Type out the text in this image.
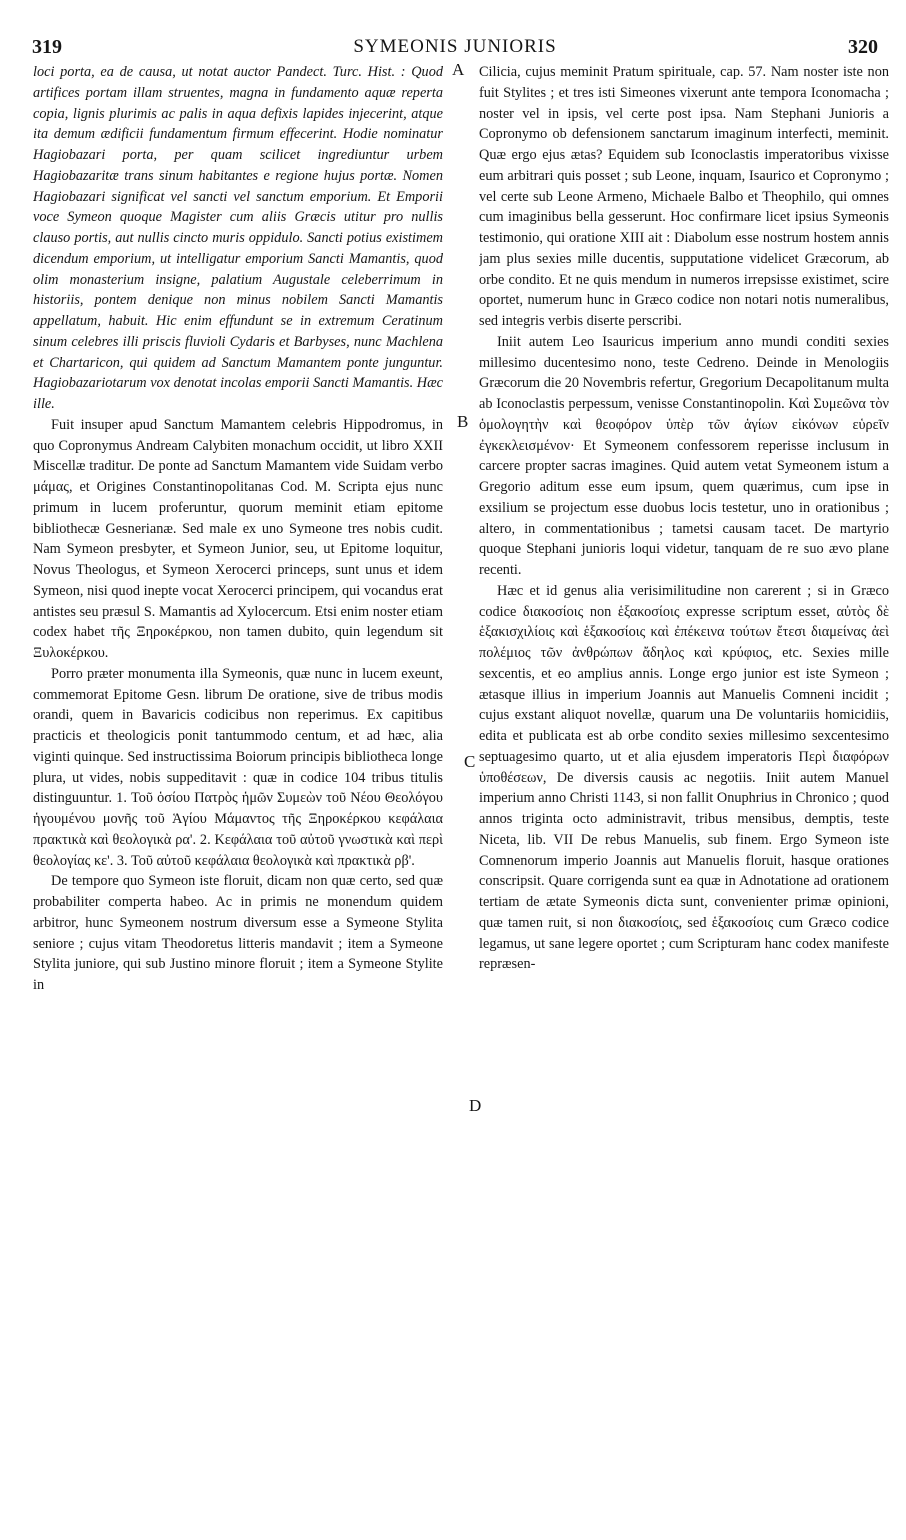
319	SYMEONIS JUNIORIS	320
A
B
C
D

loci porta, ea de causa, ut notat auctor Pandect. Turc. Hist. : Quod artifices portam illam struentes, magna in fundamento aquæ reperta copia, lignis plurimis ac palis in aqua defixis lapides injecerint, atque ita demum ædificii fundamentum firmum effecerint. Hodie nominatur Hagiobazari porta, per quam scilicet ingrediuntur urbem Hagiobazaritæ trans sinum habitantes e regione hujus portæ. Nomen Hagiobazari significat vel sancti vel sanctum emporium. Et Emporii voce Symeon quoque Magister cum aliis Græcis utitur pro nullis clauso portis, aut nullis cincto muris oppidulo. Sancti potius existimem dicendum emporium, ut intelligatur emporium Sancti Mamantis, quod olim monasterium insigne, palatium Augustale celeberrimum in historiis, pontem denique non minus nobilem Sancti Mamantis appellatum, habuit. Hic enim effundunt se in extremum Ceratinum sinum celebres illi priscis fluvioli Cydaris et Barbyses, nunc Machlena et Chartaricon, qui quidem ad Sanctum Mamantem ponte junguntur. Hagiobazariotarum vox denotat incolas emporii Sancti Mamantis. Hæc ille.

Fuit insuper apud Sanctum Mamantem celebris Hippodromus, in quo Copronymus Andream Calybiten monachum occidit, ut libro XXII Miscellæ traditur. De ponte ad Sanctum Mamantem vide Suidam verbo μάμας, et Origines Constantinopolitanas Cod. M. Scripta ejus nunc primum in lucem proferuntur, quorum meminit etiam epitome bibliothecæ Gesnerianæ. Sed male ex uno Symeone tres nobis cudit. Nam Symeon presbyter, et Symeon Junior, seu, ut Epitome loquitur, Novus Theologus, et Symeon Xerocerci princeps, sunt unus et idem Symeon, nisi quod inepte vocat Xerocerci principem, qui vocandus erat antistes seu præsul S. Mamantis ad Xylocercum. Etsi enim noster etiam codex habet τῆς Ξηροκέρκου, non tamen dubito, quin legendum sit Ξυλοκέρκου.

Porro præter monumenta illa Symeonis, quæ nunc in lucem exeunt, commemorat Epitome Gesn. librum De oratione, sive de tribus modis orandi, quem in Bavaricis codicibus non reperimus. Ex capitibus practicis et theologicis ponit tantummodo centum, et ad hæc, alia viginti quinque. Sed instructissima Boiorum principis bibliotheca longe plura, ut vides, nobis suppeditavit : quæ in codice 104 tribus titulis distinguuntur. 1. Τοῦ ὁσίου Πατρὸς ἡμῶν Συμεὼν τοῦ Νέου Θεολόγου ἡγουμένου μονῆς τοῦ Ἁγίου Μάμαντος τῆς Ξηροκέρκου κεφάλαια πρακτικὰ καὶ θεολογικὰ ρα'. 2. Κεφάλαια τοῦ αὐτοῦ γνωστικὰ καὶ περὶ θεολογίας κε'. 3. Τοῦ αὐτοῦ κεφάλαια θεολογικὰ καὶ πρακτικὰ ρβ'.

De tempore quo Symeon iste floruit, dicam non quæ certo, sed quæ probabiliter comperta habeo. Ac in primis ne monendum quidem arbitror, hunc Symeonem nostrum diversum esse a Symeone Stylita seniore ; cujus vitam Theodoretus litteris mandavit ; item a Symeone Stylita juniore, qui sub Justino minore floruit ; item a Symeone Stylite in

Cilicia, cujus meminit Pratum spirituale, cap. 57. Nam noster iste non fuit Stylites ; et tres isti Simeones vixerunt ante tempora Iconomacha ; noster vel in ipsis, vel certe post ipsa. Nam Stephani Junioris a Copronymo ob defensionem sanctarum imaginum interfecti, meminit. Quæ ergo ejus ætas? Equidem sub Iconoclastis imperatoribus vixisse eum arbitrari quis posset ; sub Leone, inquam, Isaurico et Copronymo ; vel certe sub Leone Armeno, Michaele Balbo et Theophilo, qui omnes cum imaginibus bella gesserunt. Hoc confirmare licet ipsius Symeonis testimonio, qui oratione XIII ait : Diabolum esse nostrum hostem annis jam plus sexies mille ducentis, supputatione videlicet Græcorum, ab orbe condito. Et ne quis mendum in numeros irrepsisse existimet, scire oportet, numerum hunc in Græco codice non notari notis numeralibus, sed integris verbis diserte perscribi.

Iniit autem Leo Isauricus imperium anno mundi conditi sexies millesimo ducentesimo nono, teste Cedreno. Deinde in Menologiis Græcorum die 20 Novembris refertur, Gregorium Decapolitanum multa ab Iconoclastis perpessum, venisse Constantinopolin. Καὶ Συμεῶνα τὸν ὁμολογητὴν καὶ θεοφόρον ὑπὲρ τῶν ἁγίων εἰκόνων εὑρεῖν ἐγκεκλεισμένον· Et Symeonem confessorem reperisse inclusum in carcere propter sacras imagines. Quid autem vetat Symeonem istum a Gregorio aditum esse eum ipsum, quem quærimus, cum ipse in exsilium se projectum esse duobus locis testetur, uno in orationibus ; altero, in commentationibus ; tametsi causam tacet. De martyrio quoque Stephani junioris loqui videtur, tanquam de re suo ævo plane recenti.

Hæc et id genus alia verisimilitudine non carerent ; si in Græco codice διακοσίοις non ἑξακοσίοις expresse scriptum esset, αὐτὸς δὲ ἑξακισχιλίοις καὶ ἑξακοσίοις καὶ ἐπέκεινα τούτων ἔτεσι διαμείνας ἀεὶ πολέμιος τῶν ἀνθρώπων ἄδηλος καὶ κρύφιος, etc. Sexies mille sexcentis, et eo amplius annis. Longe ergo junior est iste Symeon ; ætasque illius in imperium Joannis aut Manuelis Comneni incidit ; cujus exstant aliquot novellæ, quarum una De voluntariis homicidiis, edita et publicata est ab orbe condito sexies millesimo sexcentesimo septuagesimo quarto, ut et alia ejusdem imperatoris Περὶ διαφόρων ὑποθέσεων, De diversis causis ac negotiis. Iniit autem Manuel imperium anno Christi 1143, si non fallit Onuphrius in Chronico ; quod annos triginta octo administravit, tribus mensibus, demptis, teste Niceta, lib. VII De rebus Manuelis, sub finem. Ergo Symeon iste Comnenorum imperio Joannis aut Manuelis floruit, hasque orationes conscripsit. Quare corrigenda sunt ea quæ in Adnotatione ad orationem tertiam de ætate Symeonis dicta sunt, convenienter primæ opinioni, quæ tamen ruit, si non διακοσίοις, sed ἑξακοσίοις cum Græco codice legamus, ut sane legere oportet ; cum Scripturam hanc codex manifeste repræsen-
